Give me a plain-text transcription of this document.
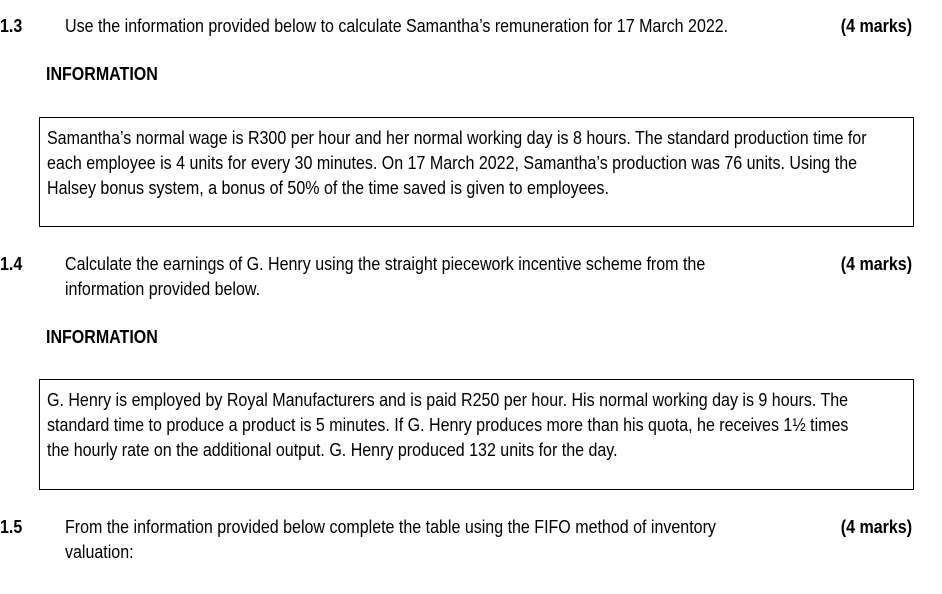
1.3 Use the information provided below to calculate Samantha’s remuneration for 17 March 2022.	(4 marks)
INFORMATION
Samantha’s normal wage is R300 per hour and her normal working day is 8 hours. The standard production time for
each employee is 4 units for every 30 minutes. On 17 March 2022, Samantha’s production was 76 units. Using the
Halsey bonus system, a bonus of 50% of the time saved is given to employees.
1.4 Calculate the earnings of G. Henry using the straight piecework incentive scheme from the
information provided below.
(4 marks)
INFORMATION
G. Henry is employed by Royal Manufacturers and is paid R250 per hour. His normal working day is 9 hours. The
standard time to produce a product is 5 minutes. If G. Henry produces more than his quota, he receives 1½ times
the hourly rate on the additional output. G. Henry produced 132 units for the day.
1.5 From the information provided below complete the table using the FIFO method of inventory
valuation:
(4 marks)
